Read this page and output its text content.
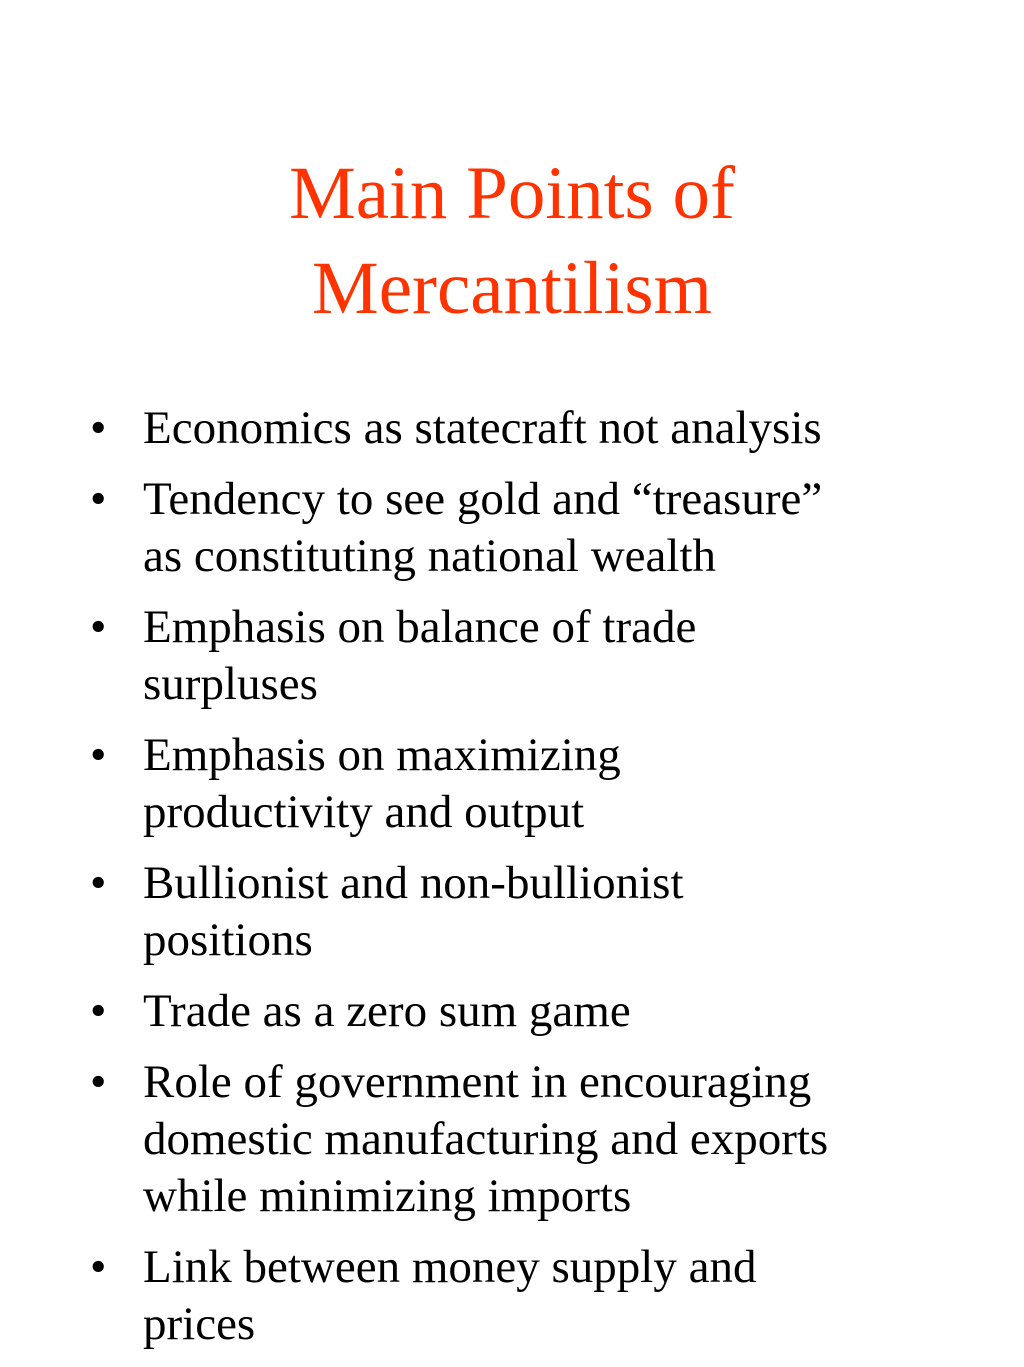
Main Points of
Mercantilism
• Economics as statecraft not analysis
• Tendency to see gold and “treasure”
as constituting national wealth
• Emphasis on balance of trade
surpluses
• Emphasis on maximizing
productivity and output
• Bullionist and non-bullionist
positions
• Trade as a zero sum game
• Role of government in encouraging
domestic manufacturing and exports
while minimizing imports
• Link between money supply and
prices
